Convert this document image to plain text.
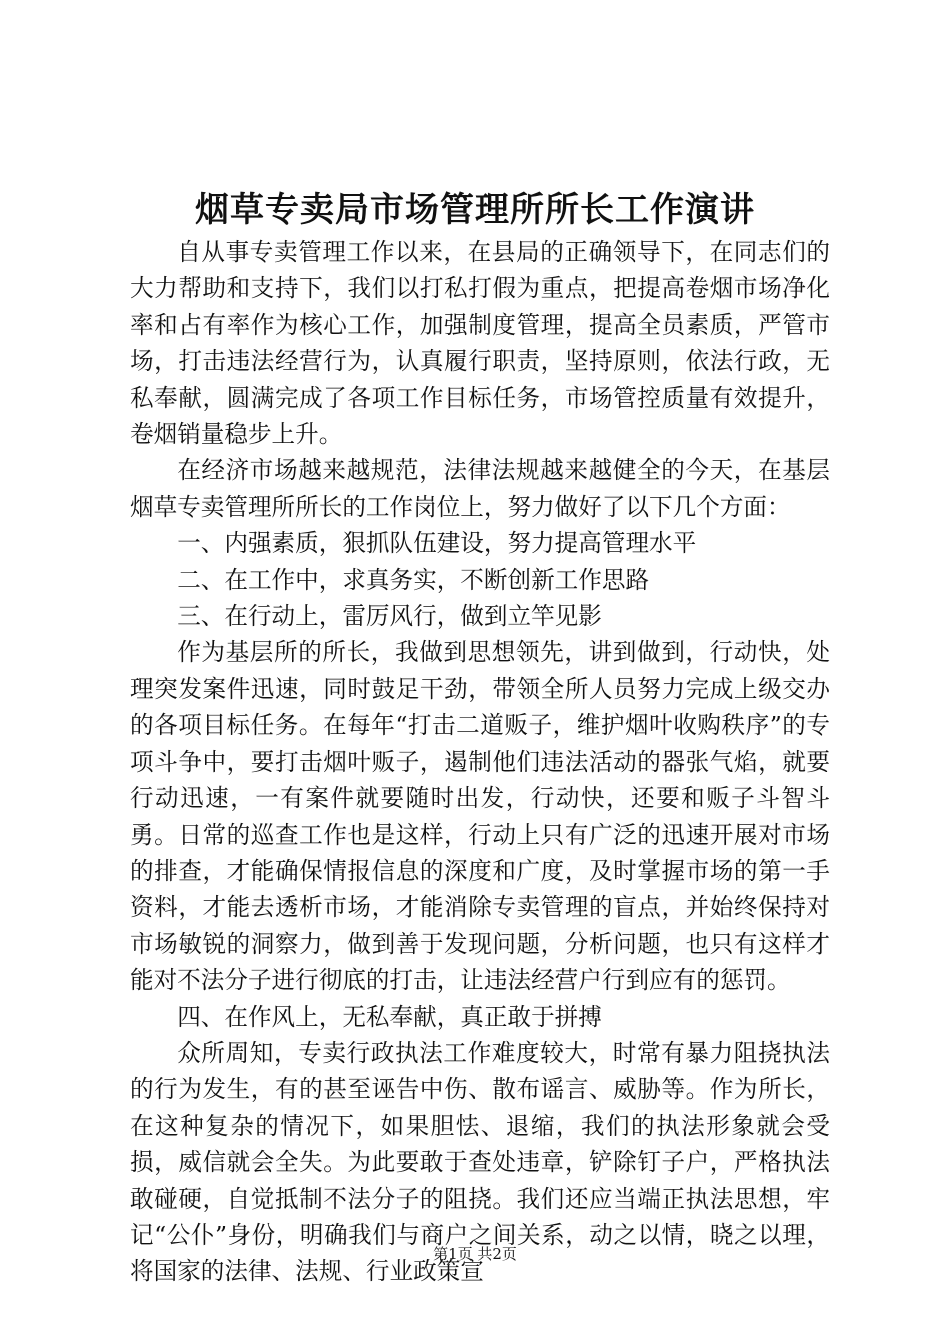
烟草专卖局市场管理所所长工作演讲

自从事专卖管理工作以来，在县局的正确领导下，在同志们的大力帮助和支持下，我们以打私打假为重点，把提高卷烟市场净化率和占有率作为核心工作，加强制度管理，提高全员素质，严管市场，打击违法经营行为，认真履行职责，坚持原则，依法行政，无私奉献，圆满完成了各项工作目标任务，市场管控质量有效提升，卷烟销量稳步上升。

在经济市场越来越规范，法律法规越来越健全的今天，在基层烟草专卖管理所所长的工作岗位上，努力做好了以下几个方面：

一、内强素质，狠抓队伍建设，努力提高管理水平

二、在工作中，求真务实，不断创新工作思路

三、在行动上，雷厉风行，做到立竿见影

作为基层所的所长，我做到思想领先，讲到做到，行动快，处理突发案件迅速，同时鼓足干劲，带领全所人员努力完成上级交办的各项目标任务。在每年“打击二道贩子，维护烟叶收购秩序”的专项斗争中，要打击烟叶贩子，遏制他们违法活动的器张气焰，就要行动迅速，一有案件就要随时出发，行动快，还要和贩子斗智斗勇。日常的巡查工作也是这样，行动上只有广泛的迅速开展对市场的排查，才能确保情报信息的深度和广度，及时掌握市场的第一手资料，才能去透析市场，才能消除专卖管理的盲点，并始终保持对市场敏锐的洞察力，做到善于发现问题，分析问题，也只有这样才能对不法分子进行彻底的打击，让违法经营户行到应有的惩罚。

四、在作风上，无私奉献，真正敢于拼搏

众所周知，专卖行政执法工作难度较大，时常有暴力阻挠执法的行为发生，有的甚至诬告中伤、散布谣言、威胁等。作为所长，在这种复杂的情况下，如果胆怯、退缩，我们的执法形象就会受损，威信就会全失。为此要敢于查处违章，铲除钉子户，严格执法敢碰硬，自觉抵制不法分子的阻挠。我们还应当端正执法思想，牢记“公仆”身份，明确我们与商户之间关系，动之以情，晓之以理，将国家的法律、法规、行业政策宣

第1页 共2页
